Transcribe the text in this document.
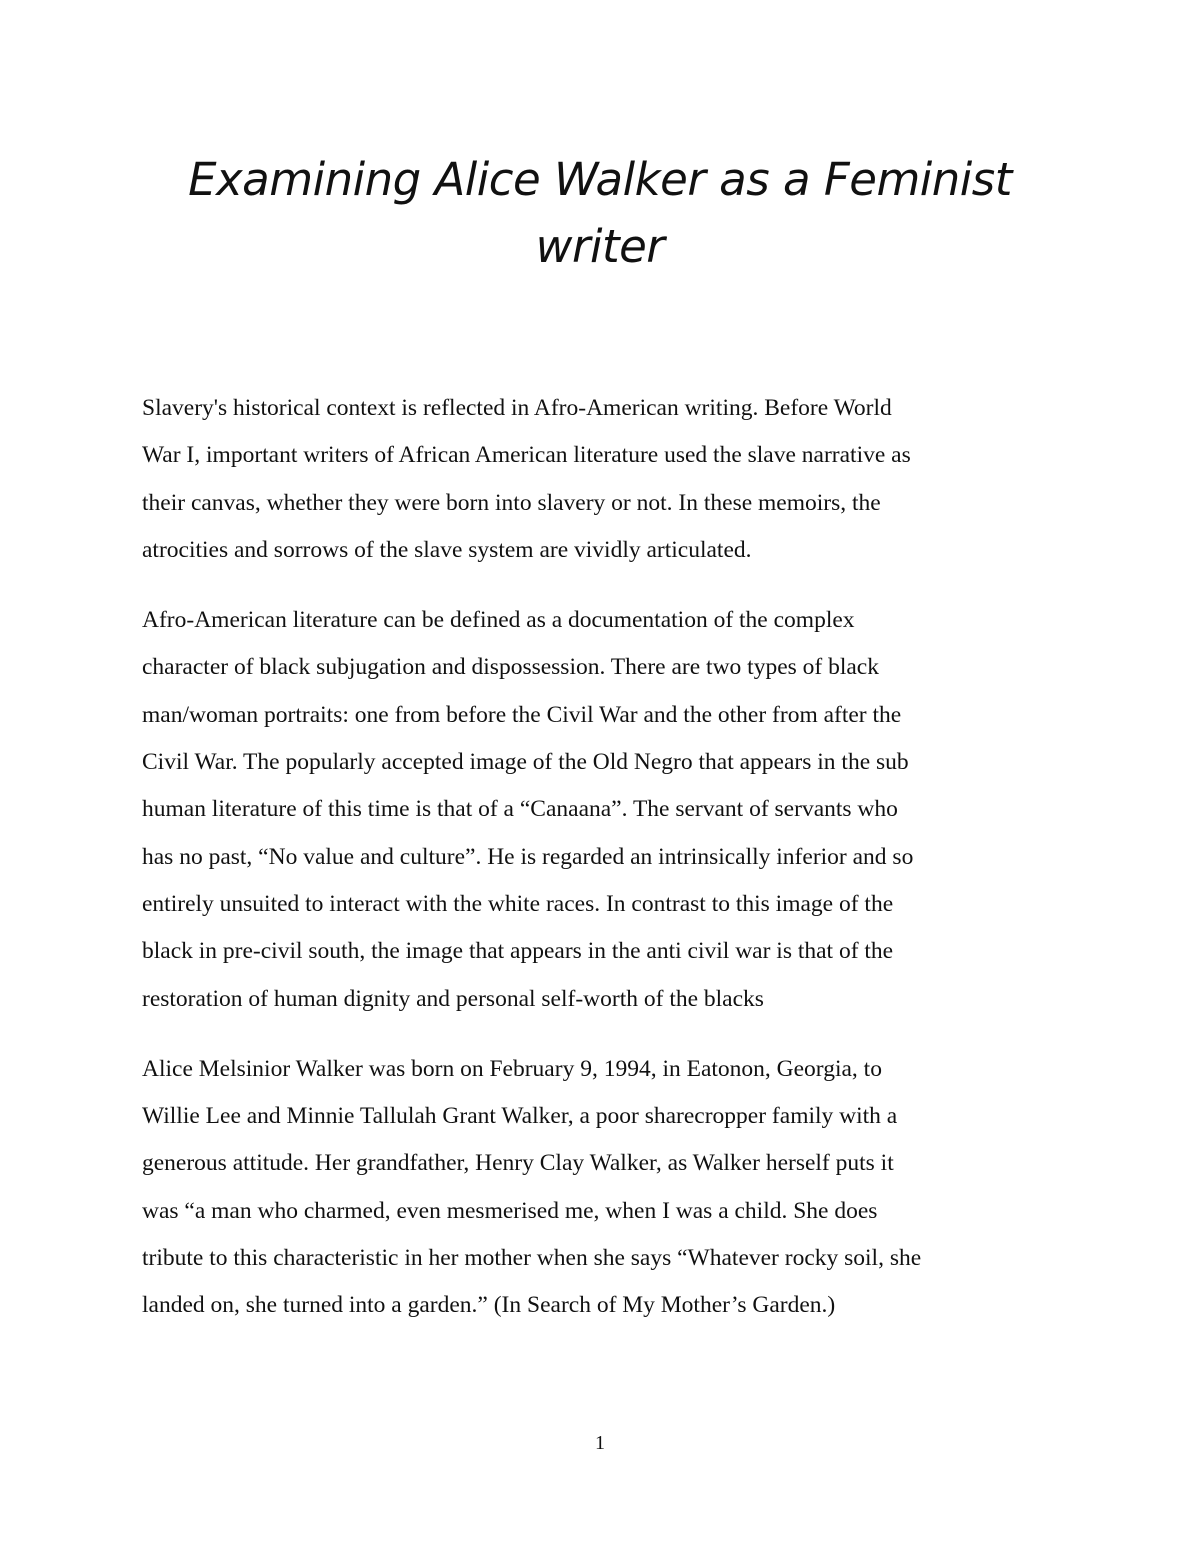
Examining Alice Walker as a Feminist writer

Slavery's historical context is reflected in Afro-American writing. Before World
War I, important writers of African American literature used the slave narrative as
their canvas, whether they were born into slavery or not. In these memoirs, the
atrocities and sorrows of the slave system are vividly articulated.

Afro-American literature can be defined as a documentation of the complex
character of black subjugation and dispossession. There are two types of black
man/woman portraits: one from before the Civil War and the other from after the
Civil War. The popularly accepted image of the Old Negro that appears in the sub
human literature of this time is that of a “Canaana”. The servant of servants who
has no past, “No value and culture”. He is regarded an intrinsically inferior and so
entirely unsuited to interact with the white races. In contrast to this image of the
black in pre-civil south, the image that appears in the anti civil war is that of the
restoration of human dignity and personal self-worth of the blacks

Alice Melsinior Walker was born on February 9, 1994, in Eatonon, Georgia, to
Willie Lee and Minnie Tallulah Grant Walker, a poor sharecropper family with a
generous attitude. Her grandfather, Henry Clay Walker, as Walker herself puts it
was “a man who charmed, even mesmerised me, when I was a child. She does
tribute to this characteristic in her mother when she says “Whatever rocky soil, she
landed on, she turned into a garden.” (In Search of My Mother’s Garden.)

1
